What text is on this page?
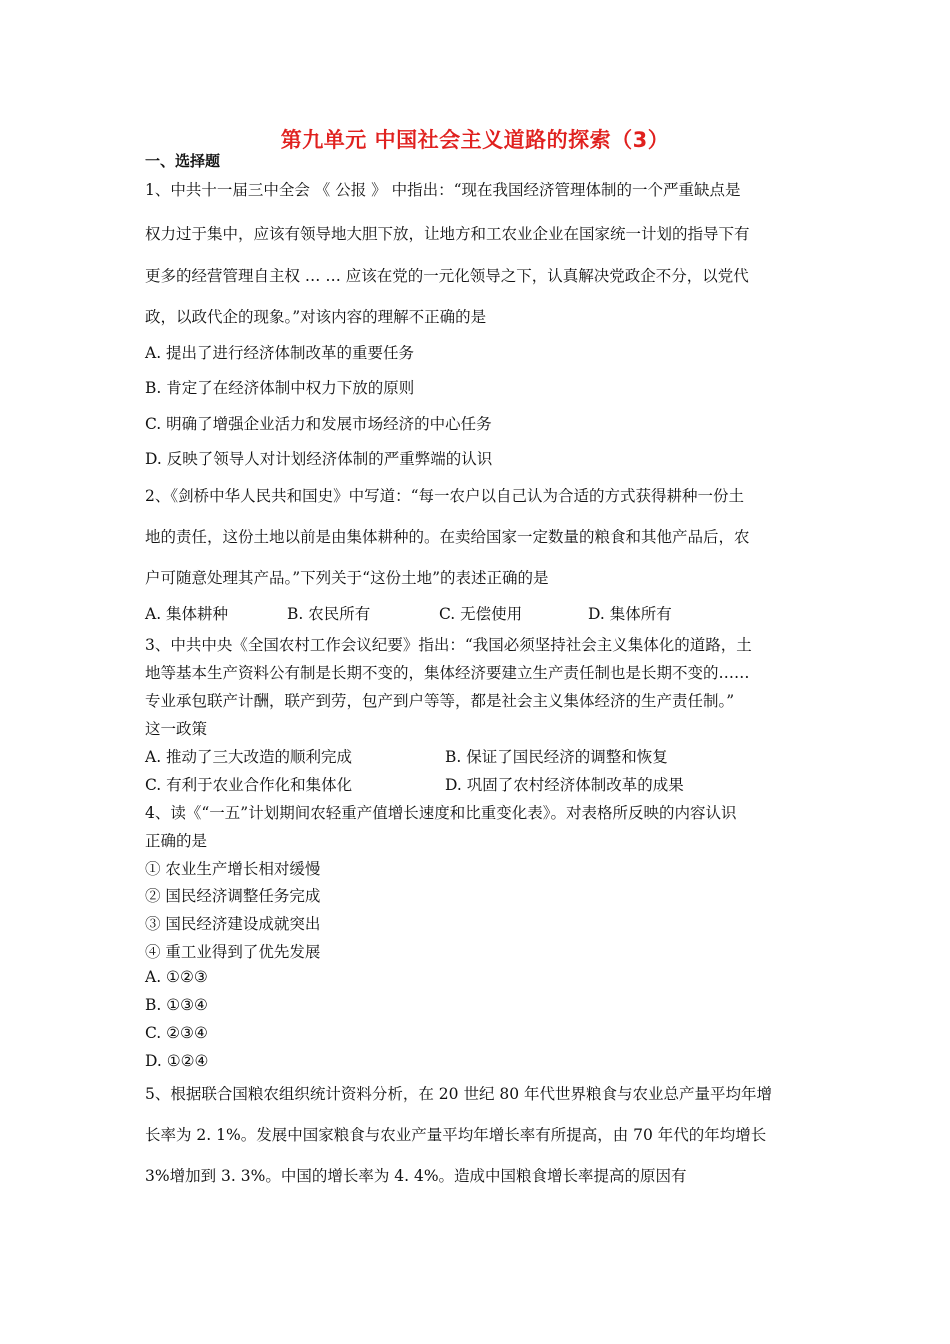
第九单元 中国社会主义道路的探索（3）
一、选择题
1、中共十一届三中全会 《 公报 》 中指出：“现在我国经济管理体制的一个严重缺点是
权力过于集中，应该有领导地大胆下放，让地方和工农业企业在国家统一计划的指导下有
更多的经营管理自主权 … … 应该在党的一元化领导之下，认真解决党政企不分，以党代
政，以政代企的现象。”对该内容的理解不正确的是
A. 提出了进行经济体制改革的重要任务
B. 肯定了在经济体制中权力下放的原则
C. 明确了增强企业活力和发展市场经济的中心任务
D. 反映了领导人对计划经济体制的严重弊端的认识
2、《剑桥中华人民共和国史》中写道：“每一农户以自己认为合适的方式获得耕种一份土
地的责任，这份土地以前是由集体耕种的。在卖给国家一定数量的粮食和其他产品后，农
户可随意处理其产品。”下列关于“这份土地”的表述正确的是
A. 集体耕种	B. 农民所有	C. 无偿使用	D. 集体所有
3、中共中央《全国农村工作会议纪要》指出：“我国必须坚持社会主义集体化的道路，土
地等基本生产资料公有制是长期不变的，集体经济要建立生产责任制也是长期不变的……
专业承包联产计酬，联产到劳，包产到户等等，都是社会主义集体经济的生产责任制。”
这一政策
A. 推动了三大改造的顺利完成	B. 保证了国民经济的调整和恢复
C. 有利于农业合作化和集体化	D. 巩固了农村经济体制改革的成果
4、读《“一五”计划期间农轻重产值增长速度和比重变化表》。对表格所反映的内容认识
正确的是
① 农业生产增长相对缓慢
② 国民经济调整任务完成
③ 国民经济建设成就突出
④ 重工业得到了优先发展
A. ①②③
B. ①③④
C. ②③④
D. ①②④
5、根据联合国粮农组织统计资料分析，在 20 世纪 80 年代世界粮食与农业总产量平均年增
长率为 2. 1%。发展中国家粮食与农业产量平均年增长率有所提高，由 70 年代的年均增长
3%增加到 3. 3%。中国的增长率为 4. 4%。造成中国粮食增长率提高的原因有
